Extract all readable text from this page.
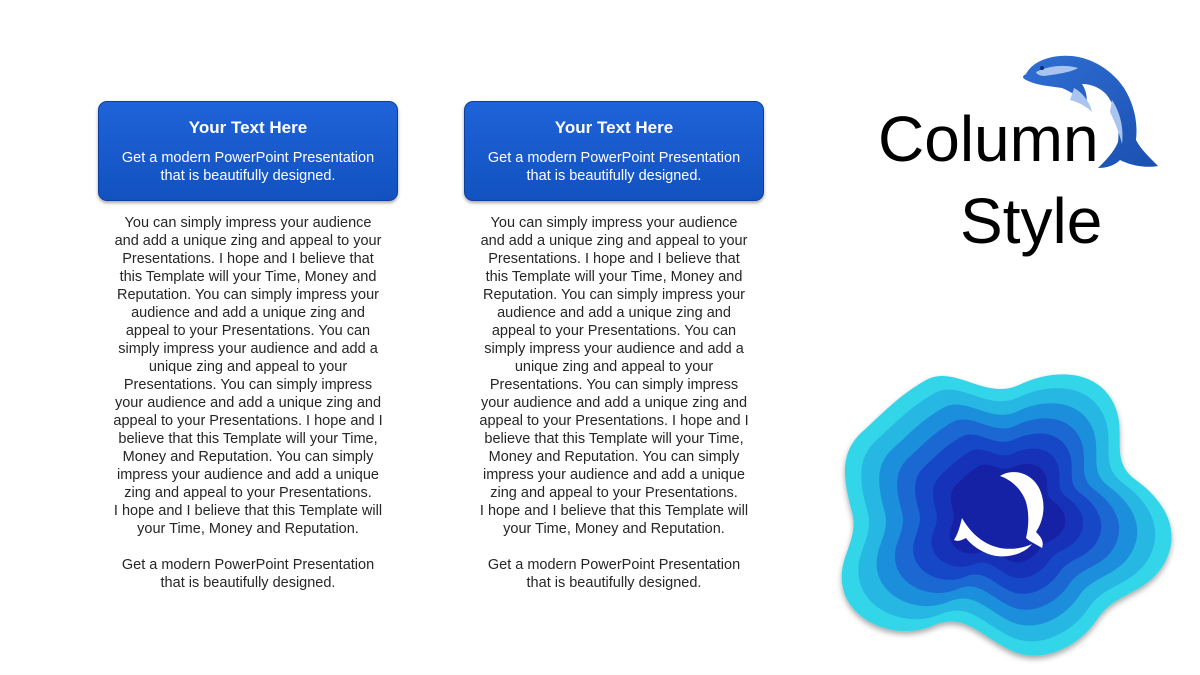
Your Text Here
Get a modern PowerPoint Presentation
that is beautifully designed.
You can simply impress your audience
and add a unique zing and appeal to your
Presentations. I hope and I believe that
this Template will your Time, Money and
Reputation. You can simply impress your
audience and add a unique zing and
appeal to your Presentations. You can
simply impress your audience and add a
unique zing and appeal to your
Presentations. You can simply impress
your audience and add a unique zing and
appeal to your Presentations. I hope and I
believe that this Template will your Time,
Money and Reputation. You can simply
impress your audience and add a unique
zing and appeal to your Presentations.
I hope and I believe that this Template will
your Time, Money and Reputation.
Get a modern PowerPoint Presentation
that is beautifully designed.
Your Text Here
Get a modern PowerPoint Presentation
that is beautifully designed.
You can simply impress your audience
and add a unique zing and appeal to your
Presentations. I hope and I believe that
this Template will your Time, Money and
Reputation. You can simply impress your
audience and add a unique zing and
appeal to your Presentations. You can
simply impress your audience and add a
unique zing and appeal to your
Presentations. You can simply impress
your audience and add a unique zing and
appeal to your Presentations. I hope and I
believe that this Template will your Time,
Money and Reputation. You can simply
impress your audience and add a unique
zing and appeal to your Presentations.
I hope and I believe that this Template will
your Time, Money and Reputation.
Get a modern PowerPoint Presentation
that is beautifully designed.
Column
Style
